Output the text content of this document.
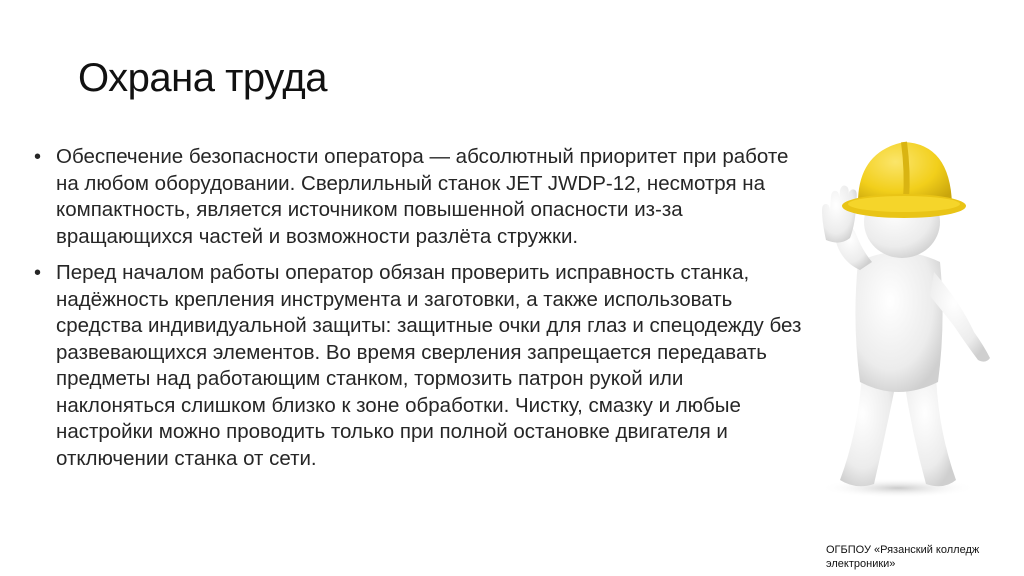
Охрана труда
• Обеспечение безопасности оператора — абсолютный приоритет при работе на любом оборудовании. Сверлильный станок JET JWDP-12, несмотря на компактность, является источником повышенной опасности из-за вращающихся частей и возможности разлёта стружки.
• Перед началом работы оператор обязан проверить исправность станка, надёжность крепления инструмента и заготовки, а также использовать средства индивидуальной защиты: защитные очки для глаз и спецодежду без развевающихся элементов. Во время сверления запрещается передавать предметы над работающим станком, тормозить патрон рукой или наклоняться слишком близко к зоне обработки. Чистку, смазку и любые настройки можно проводить только при полной остановке двигателя и отключении станка от сети.
ОГБПОУ «Рязанский колледж электроники»
